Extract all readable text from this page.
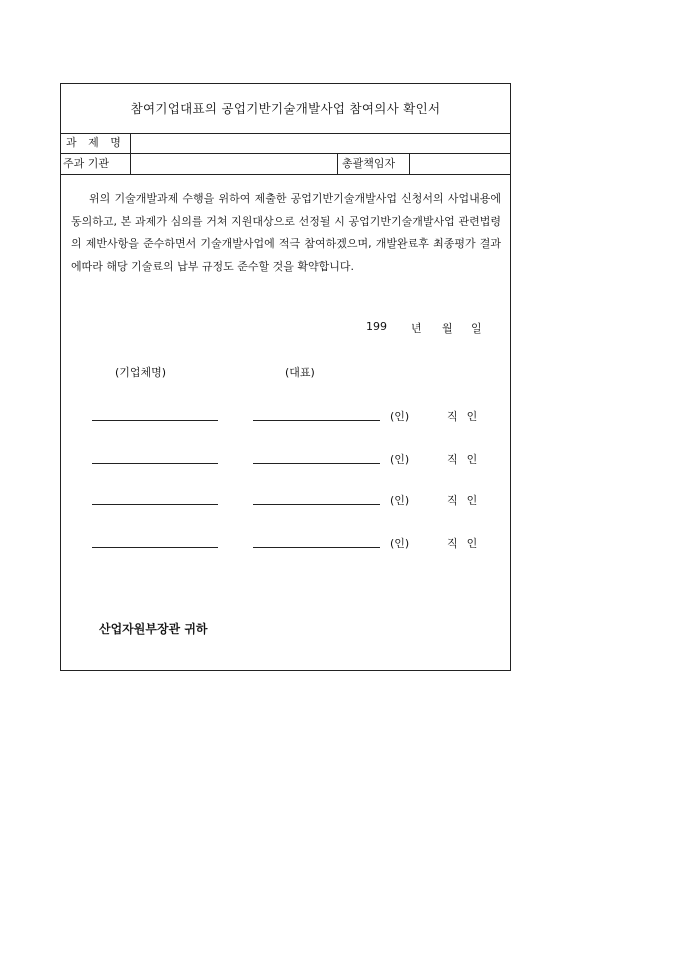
참여기업대표의 공업기반기술개발사업 참여의사 확인서
과 제 명
주과 기관	총괄책임자
위의 기술개발과제 수행을 위하여 제출한 공업기반기술개발사업 신청서의 사업내용에 동의하고, 본 과제가 심의를 거쳐 지원대상으로 선정될 시 공업기반기술개발사업 관련법령의 제반사항을 준수하면서 기술개발사업에 적극 참여하겠으며, 개발완료후 최종평가 결과에따라 해당 기술료의 납부 규정도 준수할 것을 확약합니다.
199 년 월 일
(기업체명)	(대표)
(인)	직인
(인)	직인
(인)	직인
(인)	직인
산업자원부장관 귀하
